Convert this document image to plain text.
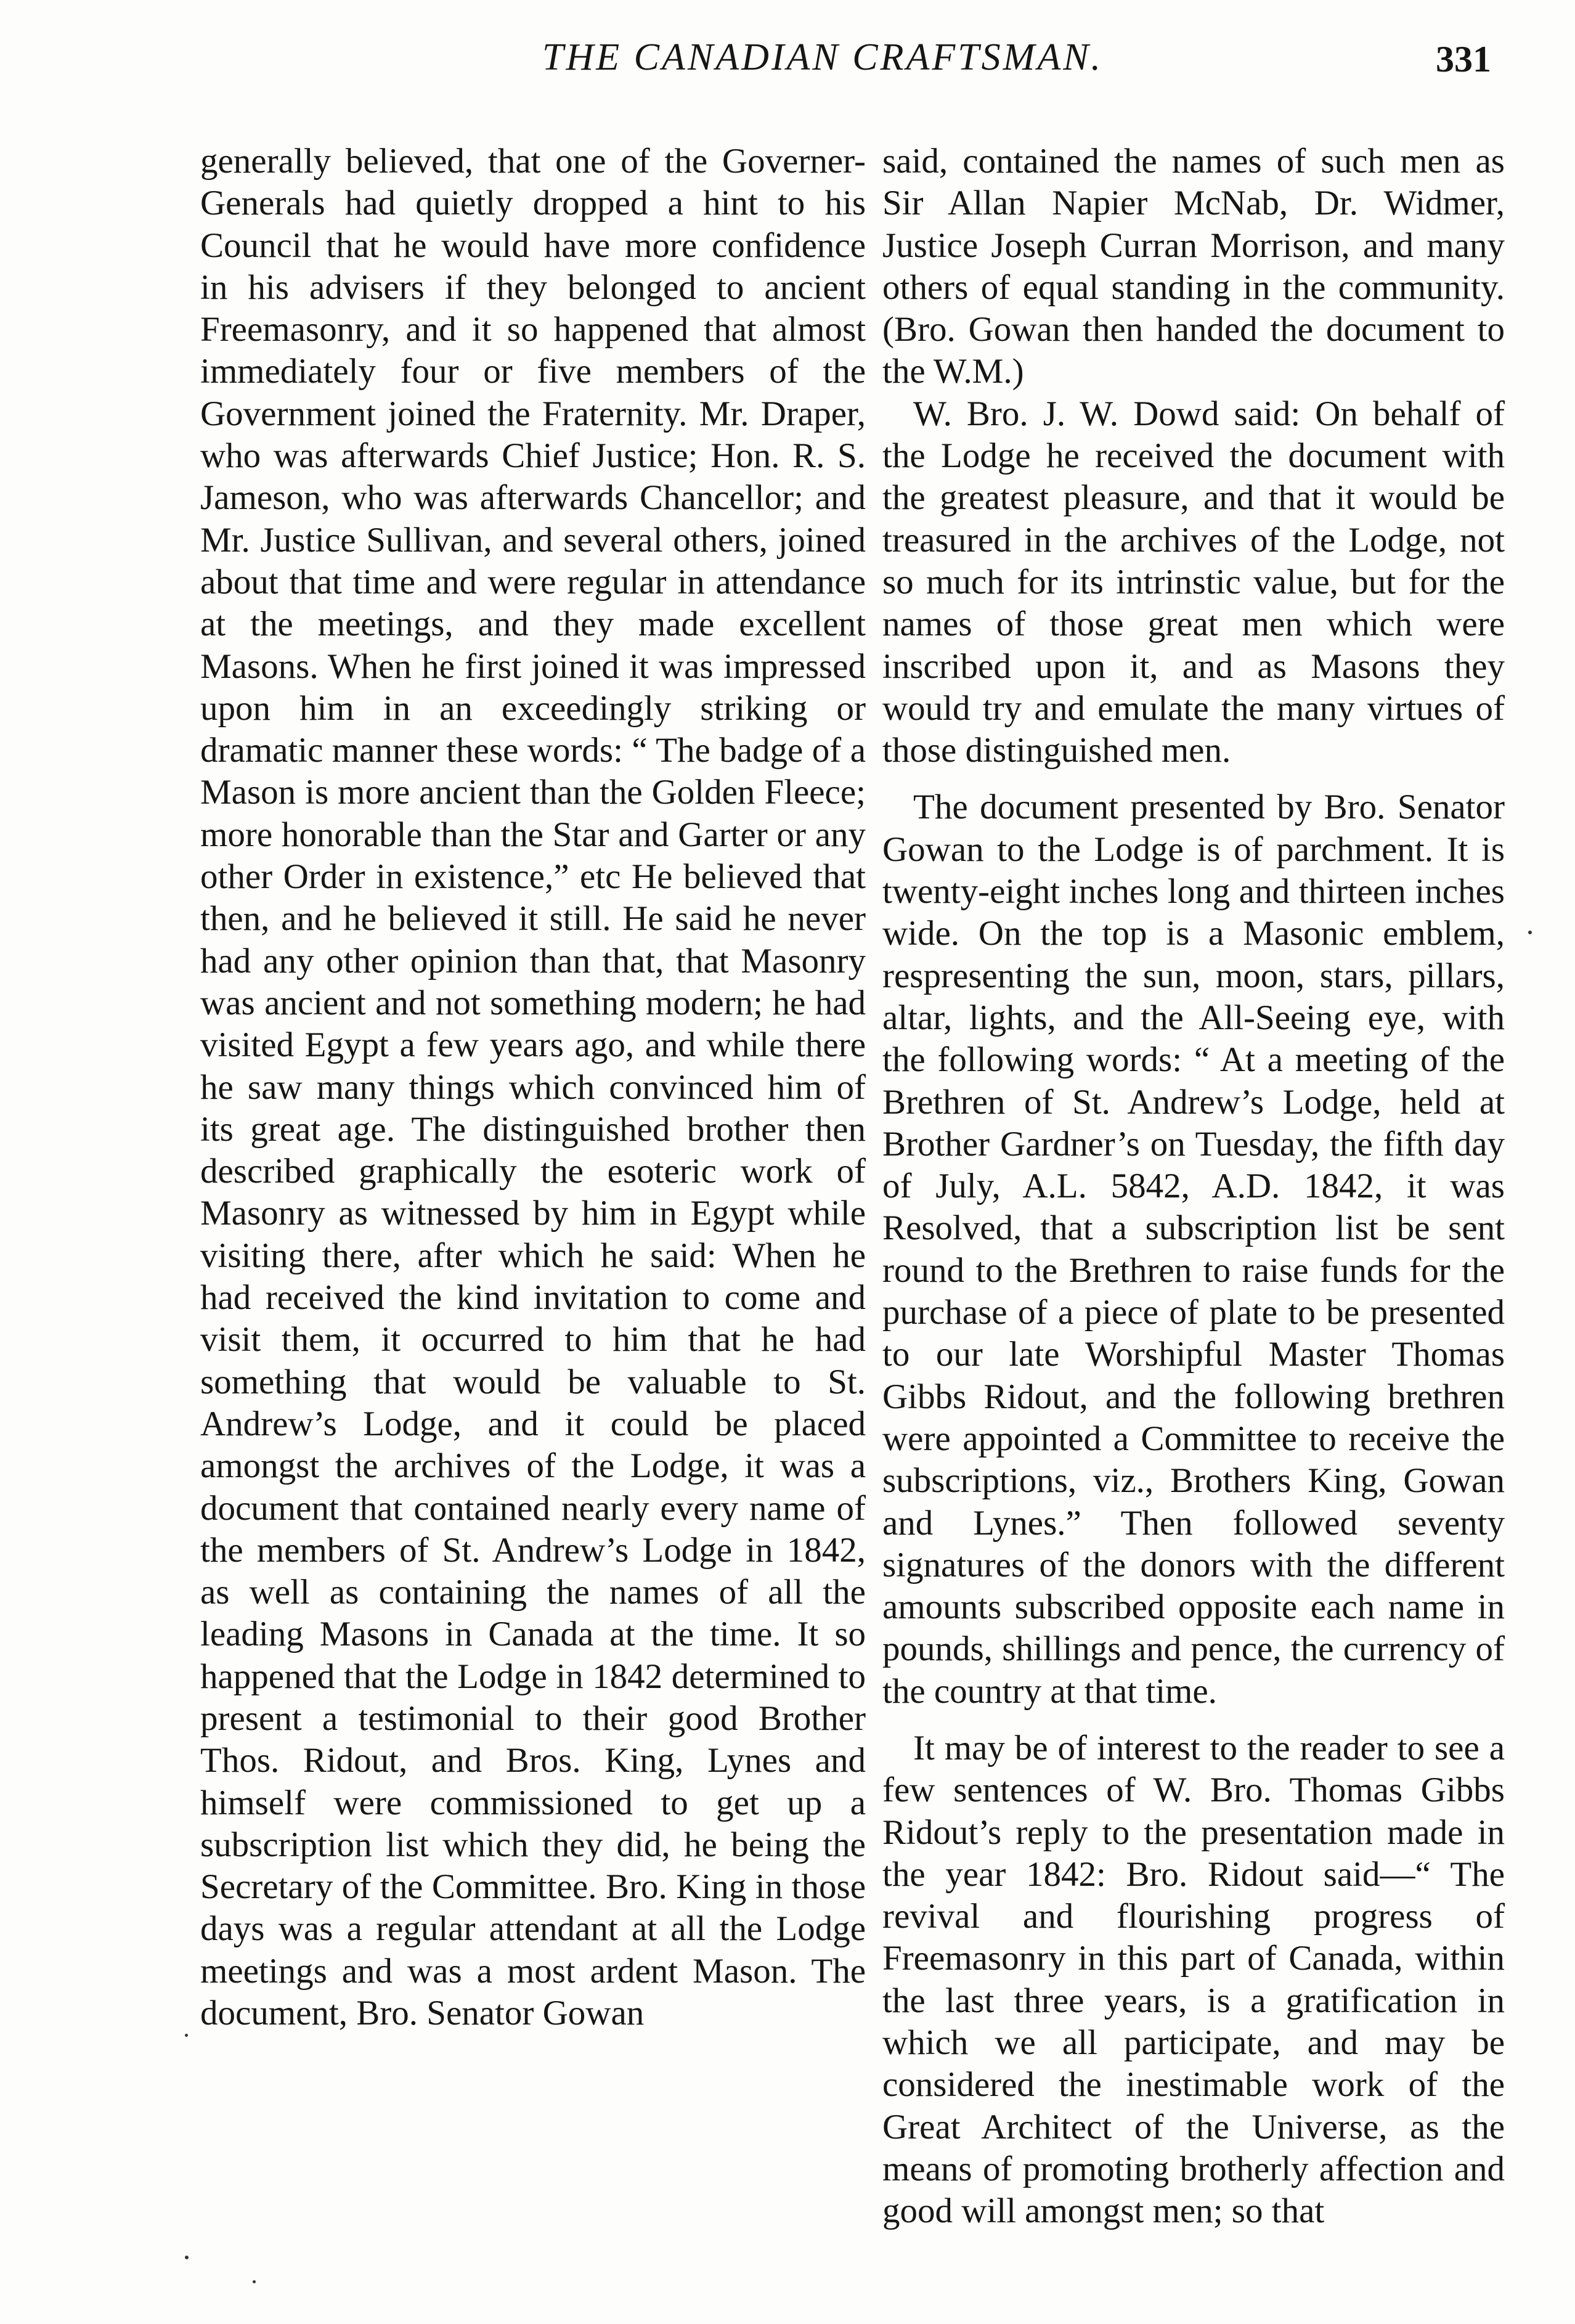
THE CANADIAN CRAFTSMAN.	331

generally believed, that one of the Governer-Generals had quietly dropped a hint to his Council that he would have more confidence in his advisers if they belonged to ancient Freemasonry, and it so happened that almost immediately four or five members of the Government joined the Fraternity. Mr. Draper, who was afterwards Chief Justice; Hon. R. S. Jameson, who was afterwards Chancellor; and Mr. Justice Sullivan, and several others, joined about that time and were regular in attendance at the meetings, and they made excellent Masons. When he first joined it was impressed upon him in an exceedingly striking or dramatic manner these words: “ The badge of a Mason is more ancient than the Golden Fleece; more honorable than the Star and Garter or any other Order in existence,” etc He believed that then, and he believed it still. He said he never had any other opinion than that, that Masonry was ancient and not something modern; he had visited Egypt a few years ago, and while there he saw many things which convinced him of its great age. The distinguished brother then described graphically the esoteric work of Masonry as witnessed by him in Egypt while visiting there, after which he said: When he had received the kind invitation to come and visit them, it occurred to him that he had something that would be valuable to St. Andrew’s Lodge, and it could be placed amongst the archives of the Lodge, it was a document that contained nearly every name of the members of St. Andrew’s Lodge in 1842, as well as containing the names of all the leading Masons in Canada at the time. It so happened that the Lodge in 1842 determined to present a testimonial to their good Brother Thos. Ridout, and Bros. King, Lynes and himself were commissioned to get up a subscription list which they did, he being the Secretary of the Committee. Bro. King in those days was a regular attendant at all the Lodge meetings and was a most ardent Mason. The document, Bro. Senator Gowan

said, contained the names of such men as Sir Allan Napier McNab, Dr. Widmer, Justice Joseph Curran Morrison, and many others of equal standing in the community. (Bro. Gowan then handed the document to the W.M.)

W. Bro. J. W. Dowd said: On behalf of the Lodge he received the document with the greatest pleasure, and that it would be treasured in the archives of the Lodge, not so much for its intrinstic value, but for the names of those great men which were inscribed upon it, and as Masons they would try and emulate the many virtues of those distinguished men.

The document presented by Bro. Senator Gowan to the Lodge is of parchment. It is twenty-eight inches long and thirteen inches wide. On the top is a Masonic emblem, respresenting the sun, moon, stars, pillars, altar, lights, and the All-Seeing eye, with the following words: “ At a meeting of the Brethren of St. Andrew’s Lodge, held at Brother Gardner’s on Tuesday, the fifth day of July, A.L. 5842, A.D. 1842, it was Resolved, that a subscription list be sent round to the Brethren to raise funds for the purchase of a piece of plate to be presented to our late Worshipful Master Thomas Gibbs Ridout, and the following brethren were appointed a Committee to receive the subscriptions, viz., Brothers King, Gowan and Lynes.” Then followed seventy signatures of the donors with the different amounts subscribed opposite each name in pounds, shillings and pence, the currency of the country at that time.

It may be of interest to the reader to see a few sentences of W. Bro. Thomas Gibbs Ridout’s reply to the presentation made in the year 1842: Bro. Ridout said—“ The revival and flourishing progress of Freemasonry in this part of Canada, within the last three years, is a gratification in which we all participate, and may be considered the inestimable work of the Great Architect of the Universe, as the means of promoting brotherly affection and good will amongst men; so that
